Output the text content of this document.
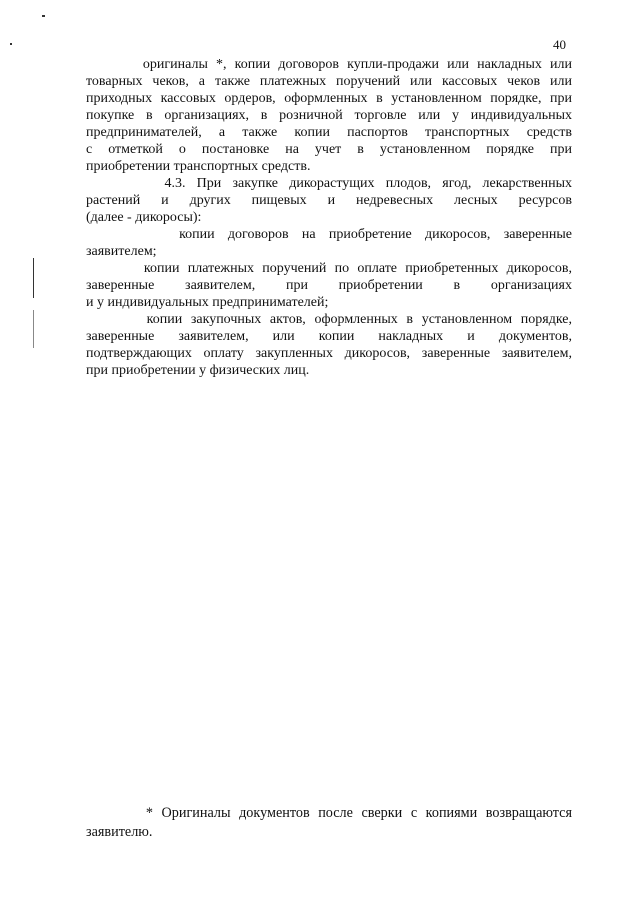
40
оригиналы *, копии договоров купли-продажи или накладных или
товарных чеков, а также платежных поручений или кассовых чеков или
приходных кассовых ордеров, оформленных в установленном порядке, при
покупке в организациях, в розничной торговле или у индивидуальных
предпринимателей, а также копии паспортов транспортных средств
с отметкой о постановке на учет в установленном порядке при
приобретении транспортных средств.
4.3. При закупке дикорастущих плодов, ягод, лекарственных
растений и других пищевых и недревесных лесных ресурсов
(далее - дикоросы):
копии договоров на приобретение дикоросов, заверенные
заявителем;
копии платежных поручений по оплате приобретенных дикоросов,
заверенные заявителем, при приобретении в организациях
и у индивидуальных предпринимателей;
копии закупочных актов, оформленных в установленном порядке,
заверенные заявителем, или копии накладных и документов,
подтверждающих оплату закупленных дикоросов, заверенные заявителем,
при приобретении у физических лиц.
* Оригиналы документов после сверки с копиями возвращаются
заявителю.
